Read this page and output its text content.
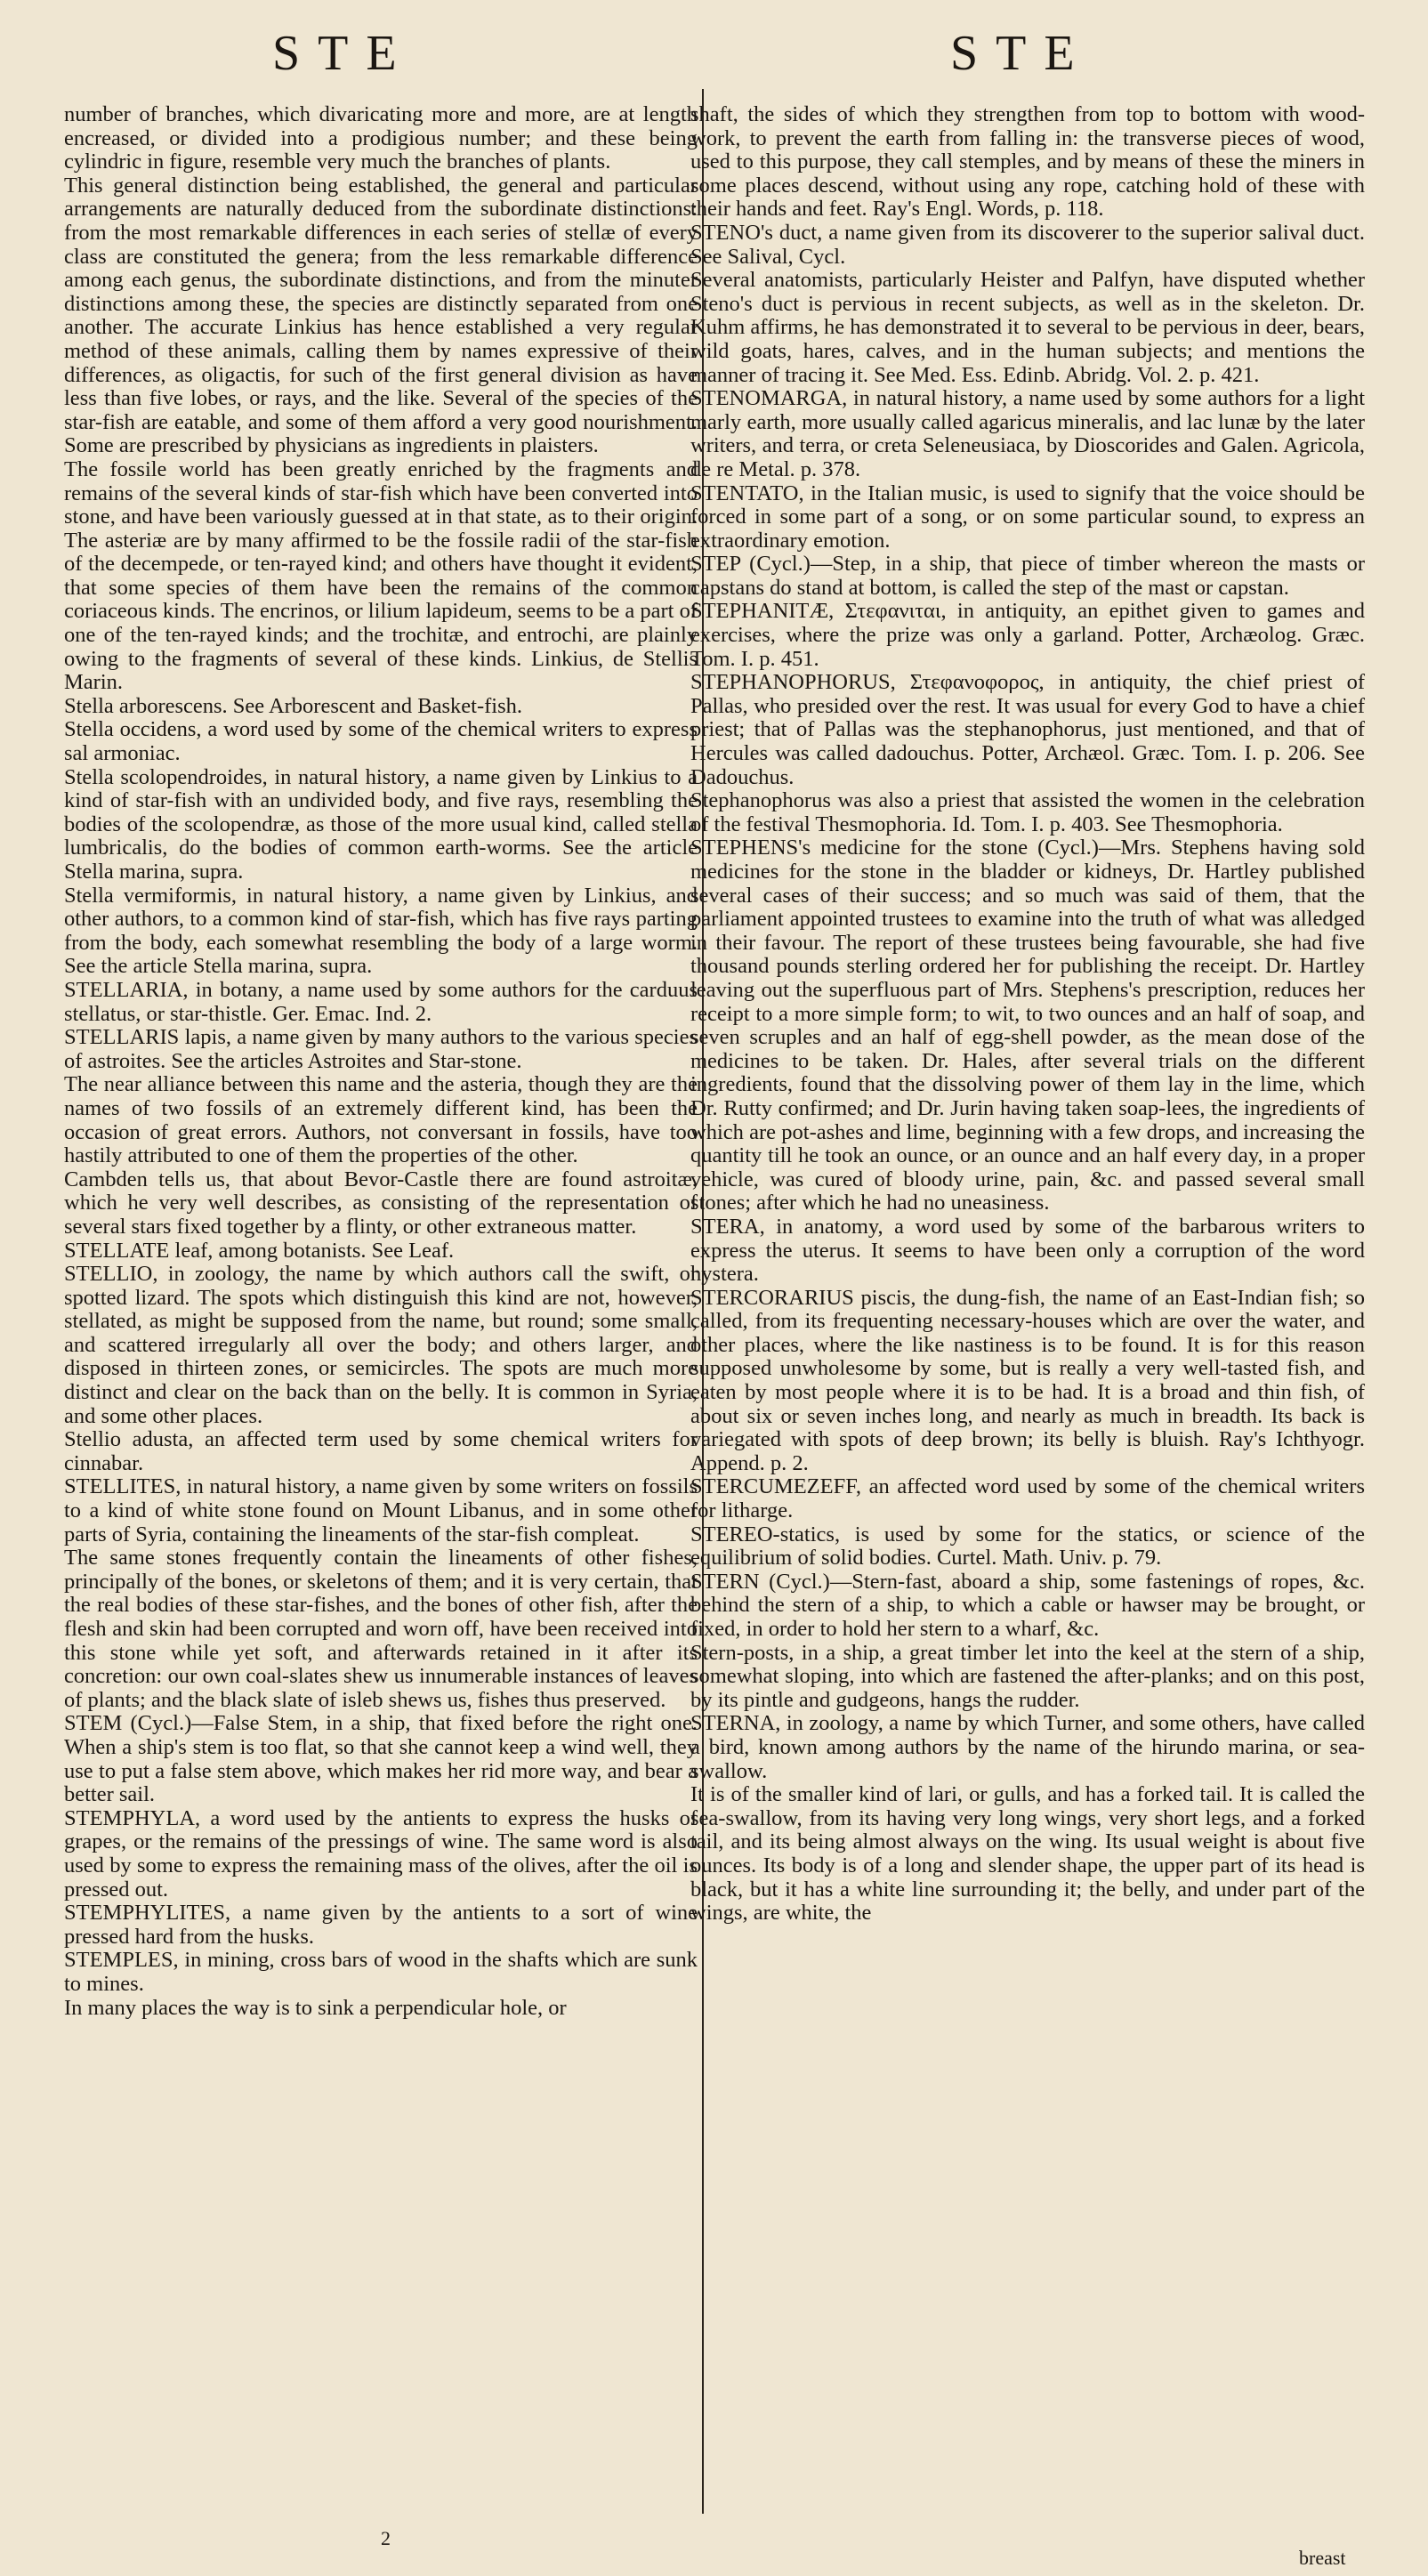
STE	STE

number of branches, which divaricating more and more, are at length encreased, or divided into a prodigious number; and these being cylindric in figure, resemble very much the branches of plants.

This general distinction being established, the general and particular arrangements are naturally deduced from the subordinate distinctions: from the most remarkable differences in each series of stellæ of every class are constituted the genera; from the less remarkable difference among each genus, the subordinate distinctions, and from the minuter distinctions among these, the species are distinctly separated from one another. The accurate Linkius has hence established a very regular method of these animals, calling them by names expressive of their differences, as oligactis, for such of the first general division as have less than five lobes, or rays, and the like. Several of the species of the star-fish are eatable, and some of them afford a very good nourishment. Some are prescribed by physicians as ingredients in plaisters.

The fossile world has been greatly enriched by the fragments and remains of the several kinds of star-fish which have been converted into stone, and have been variously guessed at in that state, as to their origin. The asteriæ are by many affirmed to be the fossile radii of the star-fish of the decempede, or ten-rayed kind; and others have thought it evident, that some species of them have been the remains of the common coriaceous kinds. The encrinos, or lilium lapideum, seems to be a part of one of the ten-rayed kinds; and the trochitæ, and entrochi, are plainly owing to the fragments of several of these kinds. Linkius, de Stellis Marin.

Stella arborescens. See Arborescent and Basket-fish.

Stella occidens, a word used by some of the chemical writers to express sal armoniac.

Stella scolopendroides, in natural history, a name given by Linkius to a kind of star-fish with an undivided body, and five rays, resembling the bodies of the scolopendræ, as those of the more usual kind, called stella lumbricalis, do the bodies of common earth-worms. See the article Stella marina, supra.

Stella vermiformis, in natural history, a name given by Linkius, and other authors, to a common kind of star-fish, which has five rays parting from the body, each somewhat resembling the body of a large worm. See the article Stella marina, supra.

STELLARIA, in botany, a name used by some authors for the carduus stellatus, or star-thistle. Ger. Emac. Ind. 2.

STELLARIS lapis, a name given by many authors to the various species of astroites. See the articles Astroites and Star-stone.

The near alliance between this name and the asteria, though they are the names of two fossils of an extremely different kind, has been the occasion of great errors. Authors, not conversant in fossils, have too hastily attributed to one of them the properties of the other.

Cambden tells us, that about Bevor-Castle there are found astroitæ, which he very well describes, as consisting of the representation of several stars fixed together by a flinty, or other extraneous matter.

STELLATE leaf, among botanists. See Leaf.

STELLIO, in zoology, the name by which authors call the swift, or spotted lizard. The spots which distinguish this kind are not, however, stellated, as might be supposed from the name, but round; some small, and scattered irregularly all over the body; and others larger, and disposed in thirteen zones, or semicircles. The spots are much more distinct and clear on the back than on the belly. It is common in Syria, and some other places.

Stellio adusta, an affected term used by some chemical writers for cinnabar.

STELLITES, in natural history, a name given by some writers on fossils to a kind of white stone found on Mount Libanus, and in some other parts of Syria, containing the lineaments of the star-fish compleat.

The same stones frequently contain the lineaments of other fishes, principally of the bones, or skeletons of them; and it is very certain, that the real bodies of these star-fishes, and the bones of other fish, after the flesh and skin had been corrupted and worn off, have been received into this stone while yet soft, and afterwards retained in it after its concretion: our own coal-slates shew us innumerable instances of leaves of plants; and the black slate of isleb shews us, fishes thus preserved.

STEM (Cycl.)—False Stem, in a ship, that fixed before the right one. When a ship's stem is too flat, so that she cannot keep a wind well, they use to put a false stem above, which makes her rid more way, and bear a better sail.

STEMPHYLA, a word used by the antients to express the husks of grapes, or the remains of the pressings of wine. The same word is also used by some to express the remaining mass of the olives, after the oil is pressed out.

STEMPHYLITES, a name given by the antients to a sort of wine pressed hard from the husks.

STEMPLES, in mining, cross bars of wood in the shafts which are sunk to mines.

In many places the way is to sink a perpendicular hole, or

shaft, the sides of which they strengthen from top to bottom with wood-work, to prevent the earth from falling in: the transverse pieces of wood, used to this purpose, they call stemples, and by means of these the miners in some places descend, without using any rope, catching hold of these with their hands and feet. Ray's Engl. Words, p. 118.

STENO's duct, a name given from its discoverer to the superior salival duct. See Salival, Cycl.

Several anatomists, particularly Heister and Palfyn, have disputed whether Steno's duct is pervious in recent subjects, as well as in the skeleton. Dr. Kuhm affirms, he has demonstrated it to several to be pervious in deer, bears, wild goats, hares, calves, and in the human subjects; and mentions the manner of tracing it. See Med. Ess. Edinb. Abridg. Vol. 2. p. 421.

STENOMARGA, in natural history, a name used by some authors for a light marly earth, more usually called agaricus mineralis, and lac lunæ by the later writers, and terra, or creta Seleneusiaca, by Dioscorides and Galen. Agricola, de re Metal. p. 378.

STENTATO, in the Italian music, is used to signify that the voice should be forced in some part of a song, or on some particular sound, to express an extraordinary emotion.

STEP (Cycl.)—Step, in a ship, that piece of timber whereon the masts or capstans do stand at bottom, is called the step of the mast or capstan.

STEPHANITÆ, Στεφανιται, in antiquity, an epithet given to games and exercises, where the prize was only a garland. Potter, Archæolog. Græc. Tom. I. p. 451.

STEPHANOPHORUS, Στεφανοφορος, in antiquity, the chief priest of Pallas, who presided over the rest. It was usual for every God to have a chief priest; that of Pallas was the stephanophorus, just mentioned, and that of Hercules was called dadouchus. Potter, Archæol. Græc. Tom. I. p. 206. See Dadouchus.

Stephanophorus was also a priest that assisted the women in the celebration of the festival Thesmophoria. Id. Tom. I. p. 403. See Thesmophoria.

STEPHENS's medicine for the stone (Cycl.)—Mrs. Stephens having sold medicines for the stone in the bladder or kidneys, Dr. Hartley published several cases of their success; and so much was said of them, that the parliament appointed trustees to examine into the truth of what was alledged in their favour. The report of these trustees being favourable, she had five thousand pounds sterling ordered her for publishing the receipt. Dr. Hartley leaving out the superfluous part of Mrs. Stephens's prescription, reduces her receipt to a more simple form; to wit, to two ounces and an half of soap, and seven scruples and an half of egg-shell powder, as the mean dose of the medicines to be taken. Dr. Hales, after several trials on the different ingredients, found that the dissolving power of them lay in the lime, which Dr. Rutty confirmed; and Dr. Jurin having taken soap-lees, the ingredients of which are pot-ashes and lime, beginning with a few drops, and increasing the quantity till he took an ounce, or an ounce and an half every day, in a proper vehicle, was cured of bloody urine, pain, &c. and passed several small stones; after which he had no uneasiness.

STERA, in anatomy, a word used by some of the barbarous writers to express the uterus. It seems to have been only a corruption of the word hystera.

STERCORARIUS piscis, the dung-fish, the name of an East-Indian fish; so called, from its frequenting necessary-houses which are over the water, and other places, where the like nastiness is to be found. It is for this reason supposed unwholesome by some, but is really a very well-tasted fish, and eaten by most people where it is to be had. It is a broad and thin fish, of about six or seven inches long, and nearly as much in breadth. Its back is variegated with spots of deep brown; its belly is bluish. Ray's Ichthyogr. Append. p. 2.

STERCUMEZEFF, an affected word used by some of the chemical writers for litharge.

STEREO-statics, is used by some for the statics, or science of the equilibrium of solid bodies. Curtel. Math. Univ. p. 79.

STERN (Cycl.)—Stern-fast, aboard a ship, some fastenings of ropes, &c. behind the stern of a ship, to which a cable or hawser may be brought, or fixed, in order to hold her stern to a wharf, &c.

Stern-posts, in a ship, a great timber let into the keel at the stern of a ship, somewhat sloping, into which are fastened the after-planks; and on this post, by its pintle and gudgeons, hangs the rudder.

STERNA, in zoology, a name by which Turner, and some others, have called a bird, known among authors by the name of the hirundo marina, or sea-swallow.

It is of the smaller kind of lari, or gulls, and has a forked tail. It is called the sea-swallow, from its having very long wings, very short legs, and a forked tail, and its being almost always on the wing. Its usual weight is about five ounces. Its body is of a long and slender shape, the upper part of its head is black, but it has a white line surrounding it; the belly, and under part of the wings, are white, the

2
breast
